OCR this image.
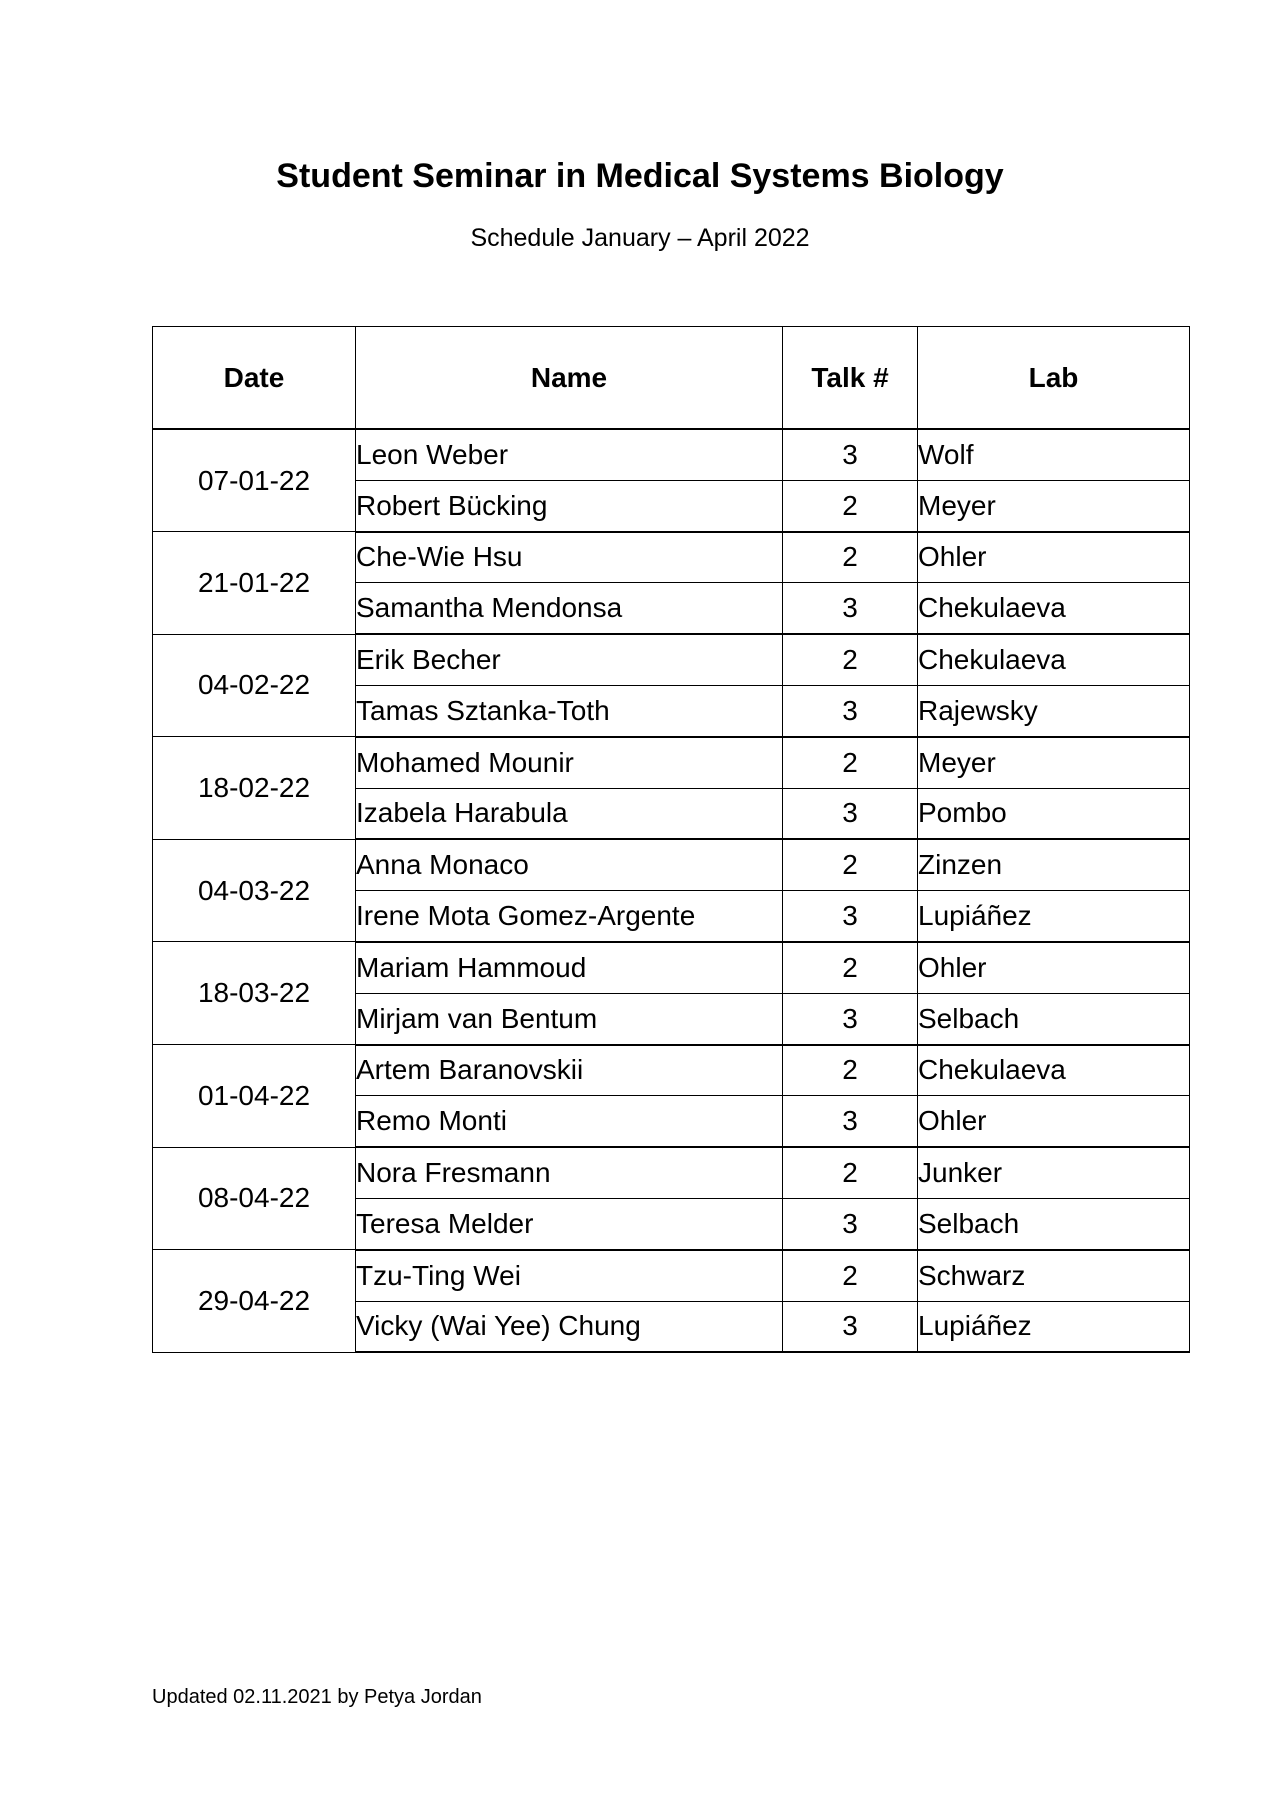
Student Seminar in Medical Systems Biology

Schedule January – April 2022

Date	Name	Talk #	Lab
07-01-22	Leon Weber	3	Wolf
	Robert Bücking	2	Meyer
21-01-22	Che-Wie Hsu	2	Ohler
	Samantha Mendonsa	3	Chekulaeva
04-02-22	Erik Becher	2	Chekulaeva
	Tamas Sztanka-Toth	3	Rajewsky
18-02-22	Mohamed Mounir	2	Meyer
	Izabela Harabula	3	Pombo
04-03-22	Anna Monaco	2	Zinzen
	Irene Mota Gomez-Argente	3	Lupiáñez
18-03-22	Mariam Hammoud	2	Ohler
	Mirjam van Bentum	3	Selbach
01-04-22	Artem Baranovskii	2	Chekulaeva
	Remo Monti	3	Ohler
08-04-22	Nora Fresmann	2	Junker
	Teresa Melder	3	Selbach
29-04-22	Tzu-Ting Wei	2	Schwarz
	Vicky (Wai Yee) Chung	3	Lupiáñez

Updated 02.11.2021 by Petya Jordan
